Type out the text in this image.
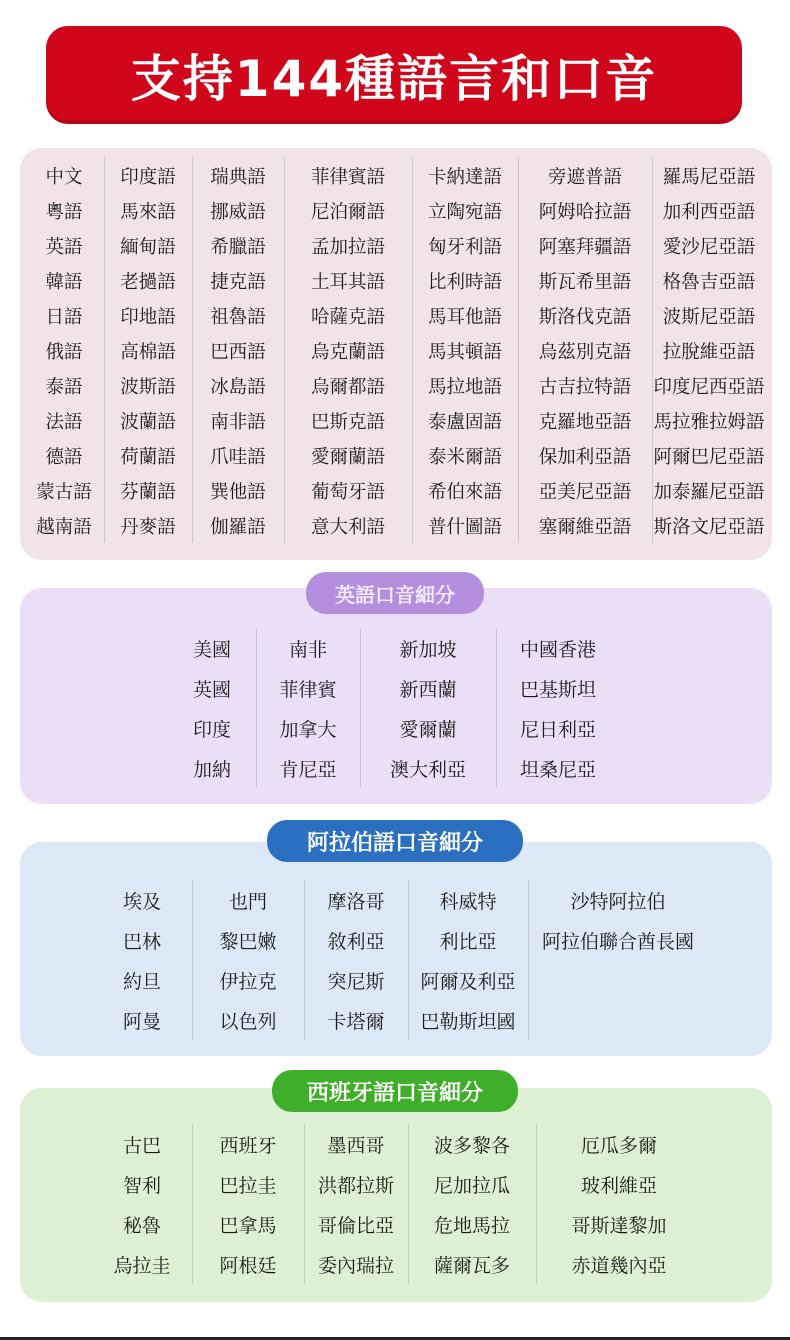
支持144種語言和口音
中文
粵語
英語
韓語
日語
俄語
泰語
法語
德語
蒙古語
越南語
印度語
馬來語
緬甸語
老撾語
印地語
高棉語
波斯語
波蘭語
荷蘭語
芬蘭語
丹麥語
瑞典語
挪威語
希臘語
捷克語
祖魯語
巴西語
冰島語
南非語
爪哇語
巽他語
伽羅語
菲律賓語
尼泊爾語
孟加拉語
土耳其語
哈薩克語
烏克蘭語
烏爾都語
巴斯克語
愛爾蘭語
葡萄牙語
意大利語
卡納達語
立陶宛語
匈牙利語
比利時語
馬耳他語
馬其頓語
馬拉地語
泰盧固語
泰米爾語
希伯來語
普什圖語
旁遮普語
阿姆哈拉語
阿塞拜疆語
斯瓦希里語
斯洛伐克語
烏茲別克語
古吉拉特語
克羅地亞語
保加利亞語
亞美尼亞語
塞爾維亞語
羅馬尼亞語
加利西亞語
愛沙尼亞語
格魯吉亞語
波斯尼亞語
拉脫維亞語
印度尼西亞語
馬拉雅拉姆語
阿爾巴尼亞語
加泰羅尼亞語
斯洛文尼亞語
美國
英國
印度
加納
南非
菲律賓
加拿大
肯尼亞
新加坡
新西蘭
愛爾蘭
澳大利亞
中國香港
巴基斯坦
尼日利亞
坦桑尼亞
英語口音細分
埃及
巴林
約旦
阿曼
也門
黎巴嫩
伊拉克
以色列
摩洛哥
敘利亞
突尼斯
卡塔爾
科威特
利比亞
阿爾及利亞
巴勒斯坦國
沙特阿拉伯
阿拉伯聯合酋長國
阿拉伯語口音細分
古巴
智利
秘魯
烏拉圭
西班牙
巴拉圭
巴拿馬
阿根廷
墨西哥
洪都拉斯
哥倫比亞
委內瑞拉
波多黎各
尼加拉瓜
危地馬拉
薩爾瓦多
厄瓜多爾
玻利維亞
哥斯達黎加
赤道幾內亞
西班牙語口音細分
